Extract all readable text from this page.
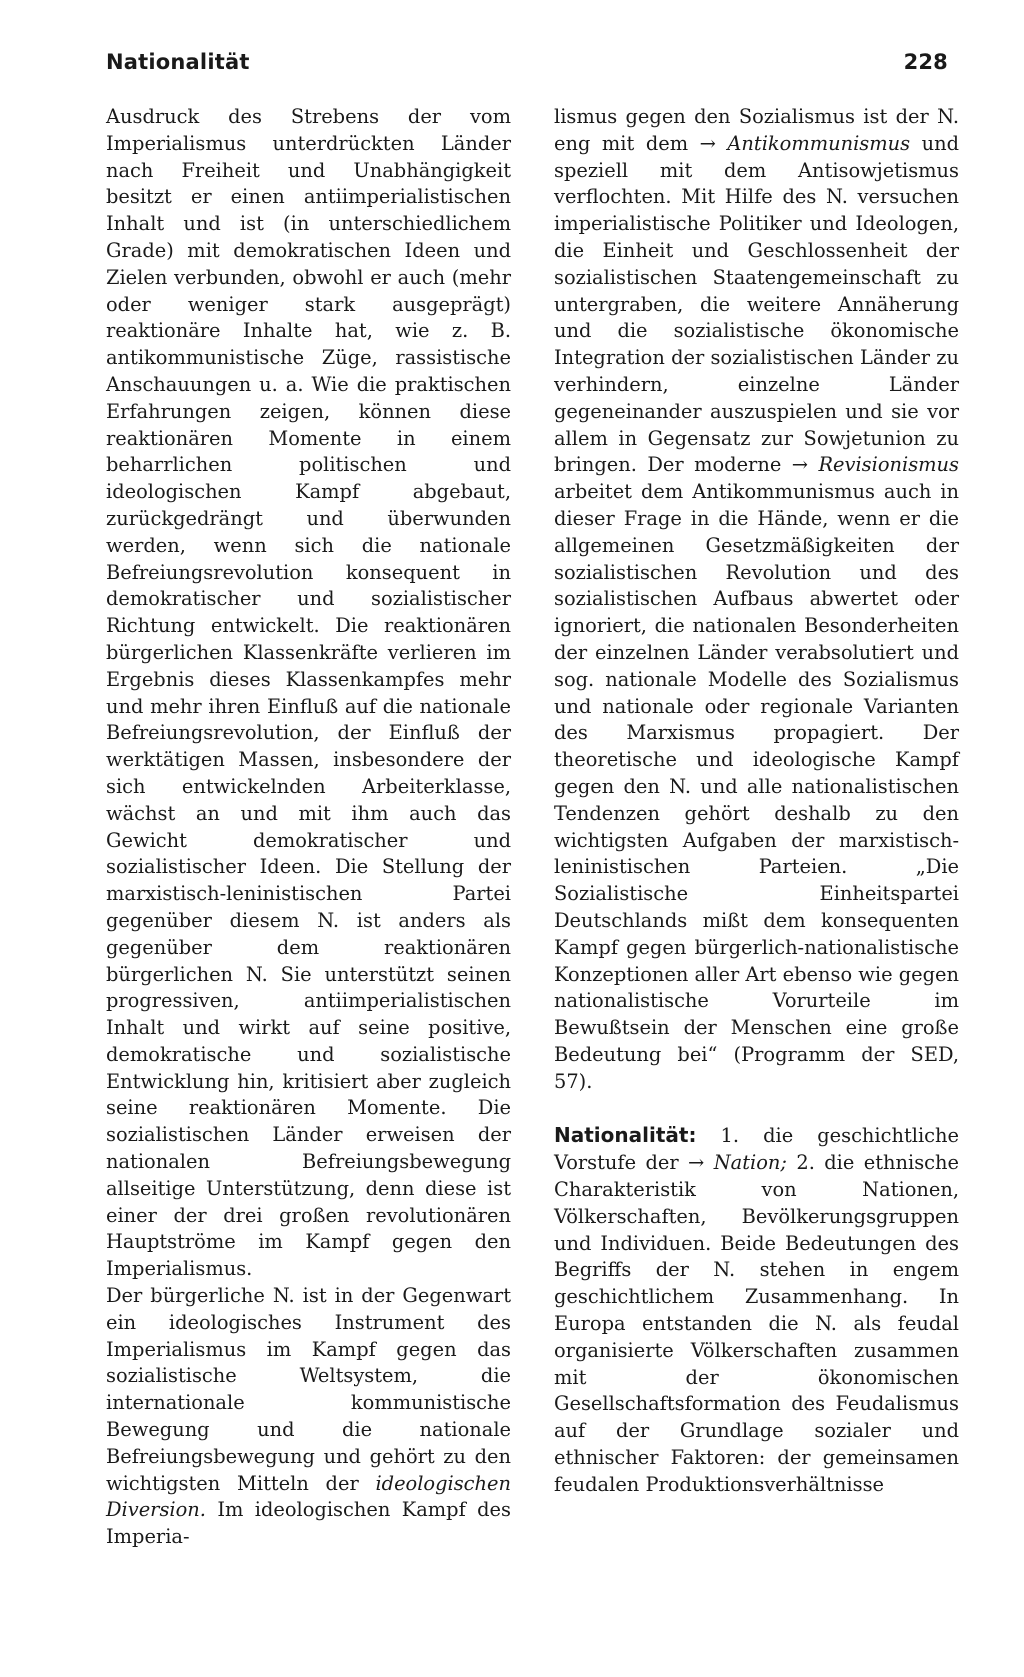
Nationalität	228

Ausdruck des Strebens der vom Imperialismus unterdrückten Länder nach Freiheit und Unabhängigkeit besitzt er einen antiimperialistischen Inhalt und ist (in unterschiedlichem Grade) mit demokratischen Ideen und Zielen verbunden, obwohl er auch (mehr oder weniger stark ausgeprägt) reaktionäre Inhalte hat, wie z. B. antikommunistische Züge, rassistische Anschauungen u. a. Wie die praktischen Erfahrungen zeigen, können diese reaktionären Momente in einem beharrlichen politischen und ideologischen Kampf abgebaut, zurückgedrängt und überwunden werden, wenn sich die nationale Befreiungsrevolution konsequent in demokratischer und sozialistischer Richtung entwickelt. Die reaktionären bürgerlichen Klassenkräfte verlieren im Ergebnis dieses Klassenkampfes mehr und mehr ihren Einfluß auf die nationale Befreiungsrevolution, der Einfluß der werktätigen Massen, insbesondere der sich entwickelnden Arbeiterklasse, wächst an und mit ihm auch das Gewicht demokratischer und sozialistischer Ideen. Die Stellung der marxistisch-leninistischen Partei gegenüber diesem N. ist anders als gegenüber dem reaktionären bürgerlichen N. Sie unterstützt seinen progressiven, antiimperialistischen Inhalt und wirkt auf seine positive, demokratische und sozialistische Entwicklung hin, kritisiert aber zugleich seine reaktionären Momente. Die sozialistischen Länder erweisen der nationalen Befreiungsbewegung allseitige Unterstützung, denn diese ist einer der drei großen revolutionären Hauptströme im Kampf gegen den Imperialismus.

Der bürgerliche N. ist in der Gegenwart ein ideologisches Instrument des Imperialismus im Kampf gegen das sozialistische Weltsystem, die internationale kommunistische Bewegung und die nationale Befreiungsbewegung und gehört zu den wichtigsten Mitteln der ideologischen Diversion. Im ideologischen Kampf des Imperia-

lismus gegen den Sozialismus ist der N. eng mit dem → Antikommunismus und speziell mit dem Antisowjetismus verflochten. Mit Hilfe des N. versuchen imperialistische Politiker und Ideologen, die Einheit und Geschlossenheit der sozialistischen Staatengemeinschaft zu untergraben, die weitere Annäherung und die sozialistische ökonomische Integration der sozialistischen Länder zu verhindern, einzelne Länder gegeneinander auszuspielen und sie vor allem in Gegensatz zur Sowjetunion zu bringen. Der moderne → Revisionismus arbeitet dem Antikommunismus auch in dieser Frage in die Hände, wenn er die allgemeinen Gesetzmäßigkeiten der sozialistischen Revolution und des sozialistischen Aufbaus abwertet oder ignoriert, die nationalen Besonderheiten der einzelnen Länder verabsolutiert und sog. nationale Modelle des Sozialismus und nationale oder regionale Varianten des Marxismus propagiert. Der theoretische und ideologische Kampf gegen den N. und alle nationalistischen Tendenzen gehört deshalb zu den wichtigsten Aufgaben der marxistisch-leninistischen Parteien. „Die Sozialistische Einheitspartei Deutschlands mißt dem konsequenten Kampf gegen bürgerlich-nationalistische Konzeptionen aller Art ebenso wie gegen nationalistische Vorurteile im Bewußtsein der Menschen eine große Bedeutung bei“ (Programm der SED, 57).

Nationalität: 1. die geschichtliche Vorstufe der → Nation; 2. die ethnische Charakteristik von Nationen, Völkerschaften, Bevölkerungsgruppen und Individuen. Beide Bedeutungen des Begriffs der N. stehen in engem geschichtlichem Zusammenhang. In Europa entstanden die N. als feudal organisierte Völkerschaften zusammen mit der ökonomischen Gesellschaftsformation des Feudalismus auf der Grundlage sozialer und ethnischer Faktoren: der gemeinsamen feudalen Produktionsverhältnisse
